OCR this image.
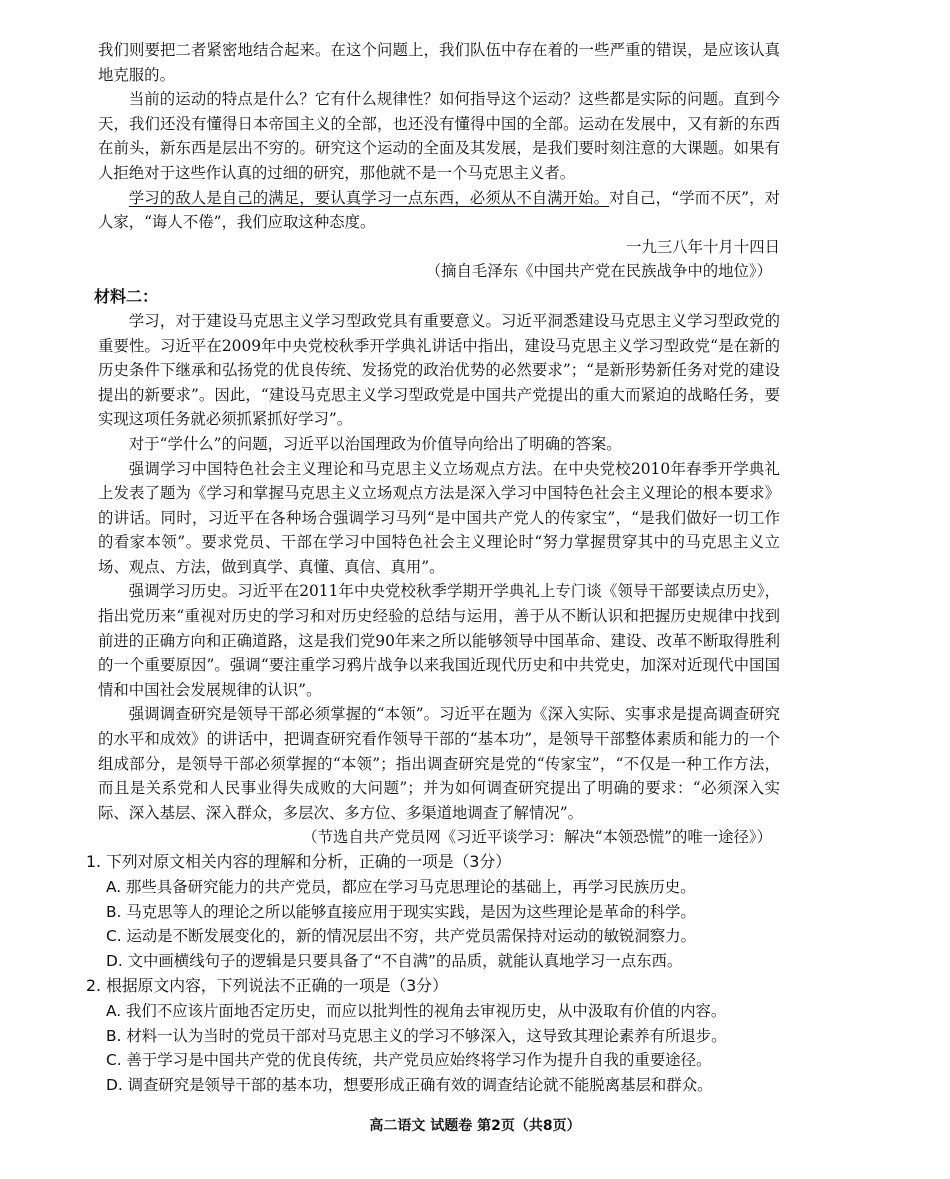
我们则要把二者紧密地结合起来。在这个问题上，我们队伍中存在着的一些严重的错误，是应该认真地克服的。

当前的运动的特点是什么？它有什么规律性？如何指导这个运动？这些都是实际的问题。直到今天，我们还没有懂得日本帝国主义的全部，也还没有懂得中国的全部。运动在发展中，又有新的东西在前头，新东西是层出不穷的。研究这个运动的全面及其发展，是我们要时刻注意的大课题。如果有人拒绝对于这些作认真的过细的研究，那他就不是一个马克思主义者。

学习的敌人是自己的满足，要认真学习一点东西，必须从不自满开始。对自己，“学而不厌”，对人家，“诲人不倦”，我们应取这种态度。

一九三八年十月十四日

（摘自毛泽东《中国共产党在民族战争中的地位》）

材料二：

学习，对于建设马克思主义学习型政党具有重要意义。习近平洞悉建设马克思主义学习型政党的重要性。习近平在2009年中央党校秋季开学典礼讲话中指出，建设马克思主义学习型政党“是在新的历史条件下继承和弘扬党的优良传统、发扬党的政治优势的必然要求”；“是新形势新任务对党的建设提出的新要求”。因此，“建设马克思主义学习型政党是中国共产党提出的重大而紧迫的战略任务，要实现这项任务就必须抓紧抓好学习”。

对于“学什么”的问题，习近平以治国理政为价值导向给出了明确的答案。

强调学习中国特色社会主义理论和马克思主义立场观点方法。在中央党校2010年春季开学典礼上发表了题为《学习和掌握马克思主义立场观点方法是深入学习中国特色社会主义理论的根本要求》的讲话。同时，习近平在各种场合强调学习马列“是中国共产党人的传家宝”，“是我们做好一切工作的看家本领”。要求党员、干部在学习中国特色社会主义理论时“努力掌握贯穿其中的马克思主义立场、观点、方法，做到真学、真懂、真信、真用”。

强调学习历史。习近平在2011年中央党校秋季学期开学典礼上专门谈《领导干部要读点历史》，指出党历来“重视对历史的学习和对历史经验的总结与运用，善于从不断认识和把握历史规律中找到前进的正确方向和正确道路，这是我们党90年来之所以能够领导中国革命、建设、改革不断取得胜利的一个重要原因”。强调“要注重学习鸦片战争以来我国近现代历史和中共党史，加深对近现代中国国情和中国社会发展规律的认识”。

强调调查研究是领导干部必须掌握的“本领”。习近平在题为《深入实际、实事求是提高调查研究的水平和成效》的讲话中，把调查研究看作领导干部的“基本功”，是领导干部整体素质和能力的一个组成部分，是领导干部必须掌握的“本领”；指出调查研究是党的“传家宝”，“不仅是一种工作方法，而且是关系党和人民事业得失成败的大问题”；并为如何调查研究提出了明确的要求：“必须深入实际、深入基层、深入群众，多层次、多方位、多渠道地调查了解情况”。

（节选自共产党员网《习近平谈学习：解决“本领恐慌”的唯一途径》）

1. 下列对原文相关内容的理解和分析，正确的一项是（3分）

A. 那些具备研究能力的共产党员，都应在学习马克思理论的基础上，再学习民族历史。

B. 马克思等人的理论之所以能够直接应用于现实实践，是因为这些理论是革命的科学。

C. 运动是不断发展变化的，新的情况层出不穷，共产党员需保持对运动的敏锐洞察力。

D. 文中画横线句子的逻辑是只要具备了“不自满”的品质，就能认真地学习一点东西。

2. 根据原文内容，下列说法不正确的一项是（3分）

A. 我们不应该片面地否定历史，而应以批判性的视角去审视历史，从中汲取有价值的内容。

B. 材料一认为当时的党员干部对马克思主义的学习不够深入，这导致其理论素养有所退步。

C. 善于学习是中国共产党的优良传统，共产党员应始终将学习作为提升自我的重要途径。

D. 调查研究是领导干部的基本功，想要形成正确有效的调查结论就不能脱离基层和群众。

高二语文 试题卷 第2页（共8页）
